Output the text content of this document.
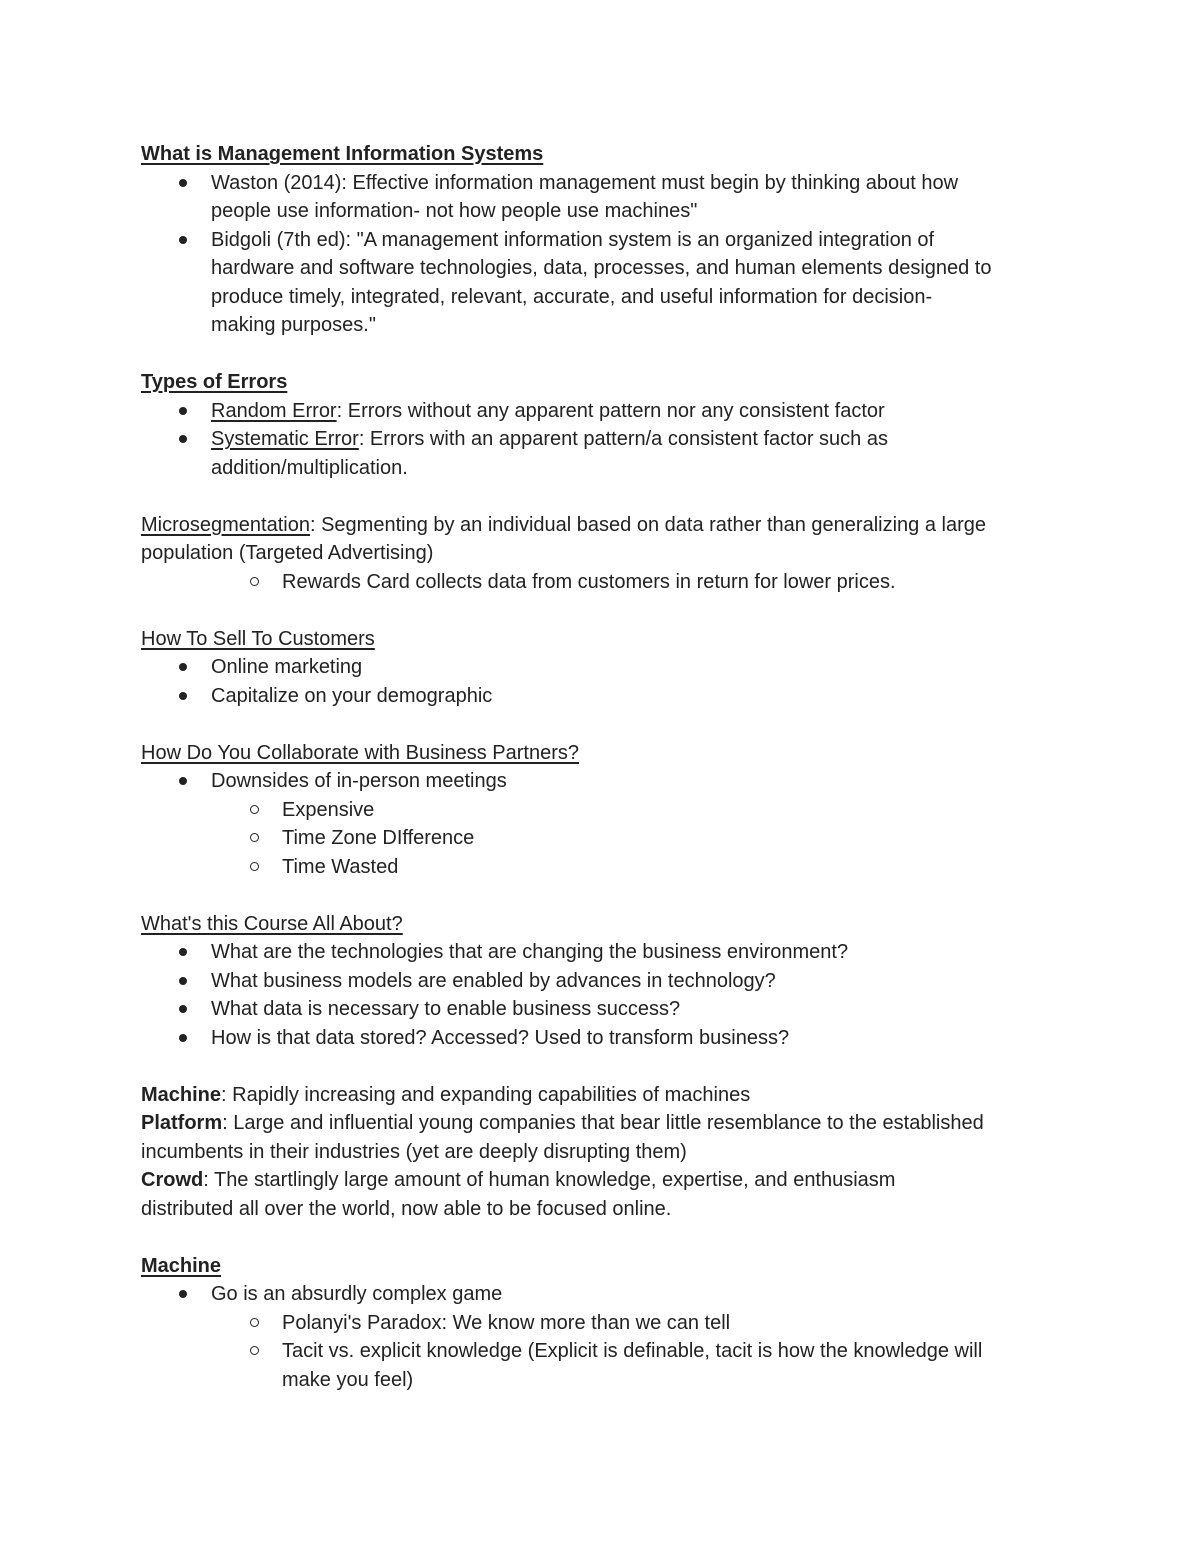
What is Management Information Systems
Waston (2014): Effective information management must begin by thinking about how
people use information- not how people use machines"
Bidgoli (7th ed): "A management information system is an organized integration of
hardware and software technologies, data, processes, and human elements designed to
produce timely, integrated, relevant, accurate, and useful information for decision-
making purposes."
Types of Errors
Random Error: Errors without any apparent pattern nor any consistent factor
Systematic Error: Errors with an apparent pattern/a consistent factor such as
addition/multiplication.
Microsegmentation: Segmenting by an individual based on data rather than generalizing a large
population (Targeted Advertising)
Rewards Card collects data from customers in return for lower prices.
How To Sell To Customers
Online marketing
Capitalize on your demographic
How Do You Collaborate with Business Partners?
Downsides of in-person meetings
Expensive
Time Zone DIfference
Time Wasted
What's this Course All About?
What are the technologies that are changing the business environment?
What business models are enabled by advances in technology?
What data is necessary to enable business success?
How is that data stored? Accessed? Used to transform business?
Machine: Rapidly increasing and expanding capabilities of machines
Platform: Large and influential young companies that bear little resemblance to the established
incumbents in their industries (yet are deeply disrupting them)
Crowd: The startlingly large amount of human knowledge, expertise, and enthusiasm
distributed all over the world, now able to be focused online.
Machine
Go is an absurdly complex game
Polanyi's Paradox: We know more than we can tell
Tacit vs. explicit knowledge (Explicit is definable, tacit is how the knowledge will
make you feel)
